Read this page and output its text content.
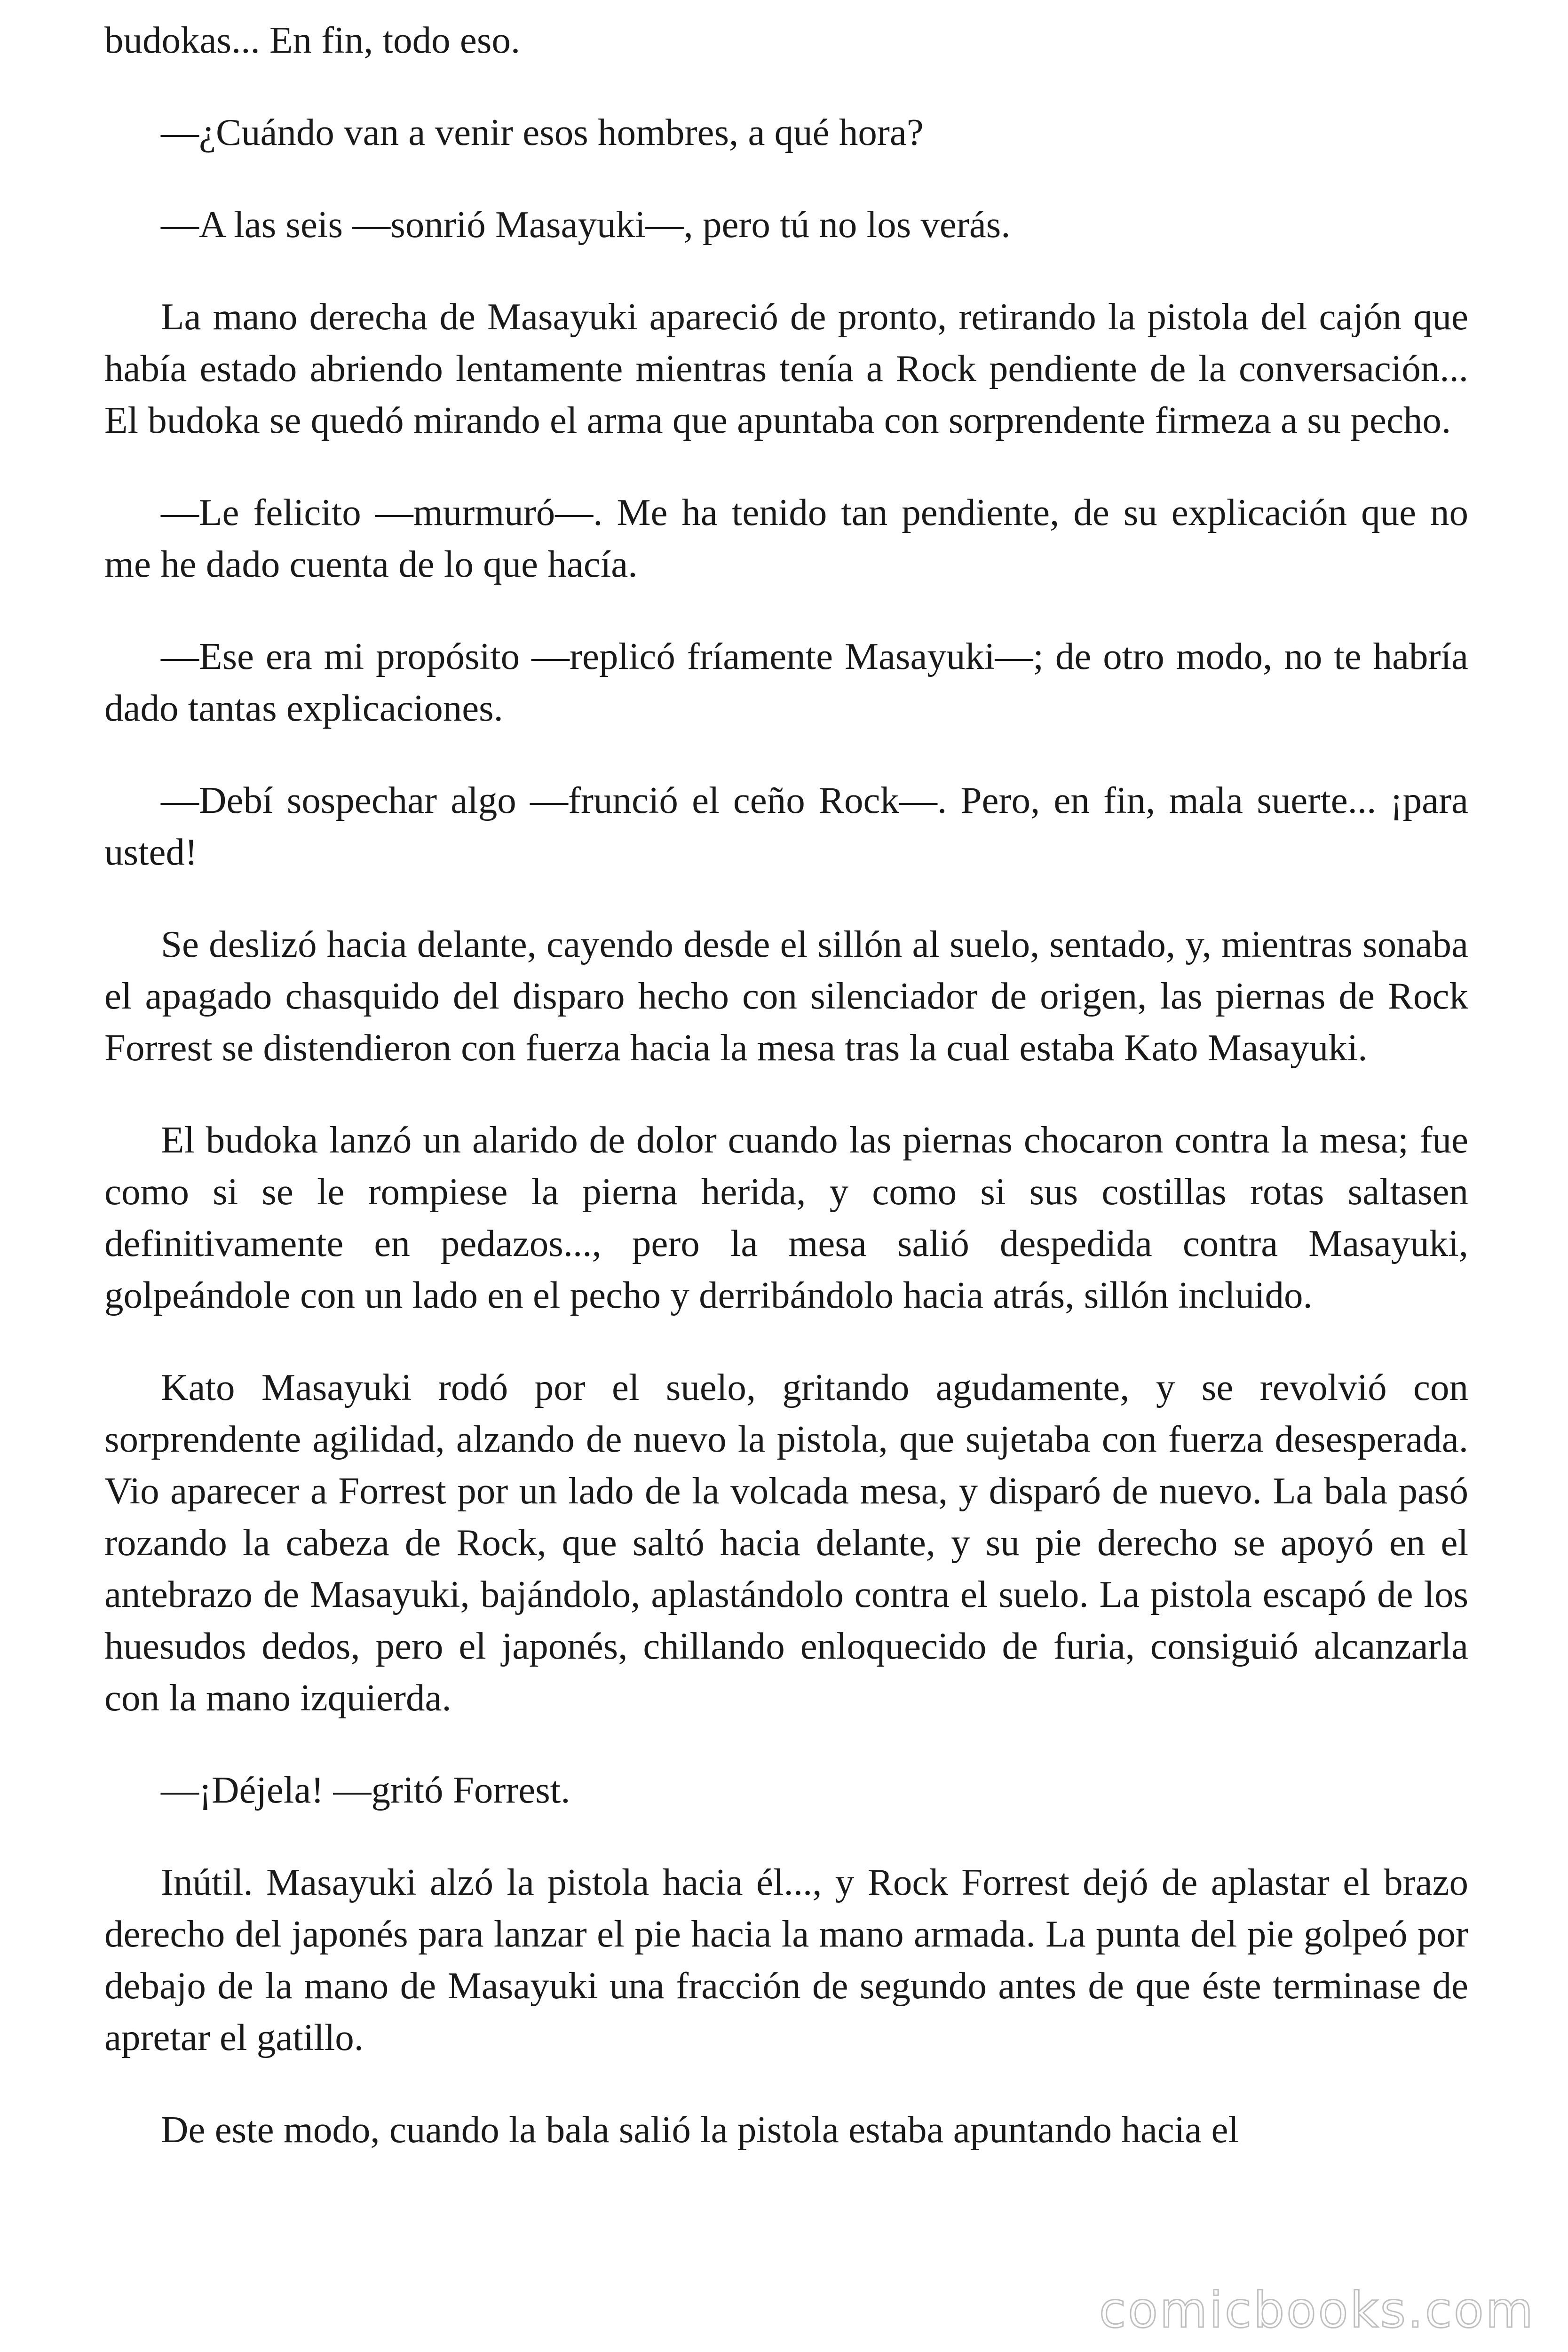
budokas... En fin, todo eso.

—¿Cuándo van a venir esos hombres, a qué hora?

—A las seis —sonrió Masayuki—, pero tú no los verás.

La mano derecha de Masayuki apareció de pronto, retirando la pistola del cajón que había estado abriendo lentamente mientras tenía a Rock pendiente de la conversación... El budoka se quedó mirando el arma que apuntaba con sorprendente firmeza a su pecho.

—Le felicito —murmuró—. Me ha tenido tan pendiente, de su explicación que no me he dado cuenta de lo que hacía.

—Ese era mi propósito —replicó fríamente Masayuki—; de otro modo, no te habría dado tantas explicaciones.

—Debí sospechar algo —frunció el ceño Rock—. Pero, en fin, mala suerte... ¡para usted!

Se deslizó hacia delante, cayendo desde el sillón al suelo, sentado, y, mientras sonaba el apagado chasquido del disparo hecho con silenciador de origen, las piernas de Rock Forrest se distendieron con fuerza hacia la mesa tras la cual estaba Kato Masayuki.

El budoka lanzó un alarido de dolor cuando las piernas chocaron contra la mesa; fue como si se le rompiese la pierna herida, y como si sus costillas rotas saltasen definitivamente en pedazos..., pero la mesa salió despedida contra Masayuki, golpeándole con un lado en el pecho y derribándolo hacia atrás, sillón incluido.

Kato Masayuki rodó por el suelo, gritando agudamente, y se revolvió con sorprendente agilidad, alzando de nuevo la pistola, que sujetaba con fuerza desesperada. Vio aparecer a Forrest por un lado de la volcada mesa, y disparó de nuevo. La bala pasó rozando la cabeza de Rock, que saltó hacia delante, y su pie derecho se apoyó en el antebrazo de Masayuki, bajándolo, aplastándolo contra el suelo. La pistola escapó de los huesudos dedos, pero el japonés, chillando enloquecido de furia, consiguió alcanzarla con la mano izquierda.

—¡Déjela! —gritó Forrest.

Inútil. Masayuki alzó la pistola hacia él..., y Rock Forrest dejó de aplastar el brazo derecho del japonés para lanzar el pie hacia la mano armada. La punta del pie golpeó por debajo de la mano de Masayuki una fracción de segundo antes de que éste terminase de apretar el gatillo.

De este modo, cuando la bala salió la pistola estaba apuntando hacia el

comicbooks.com
